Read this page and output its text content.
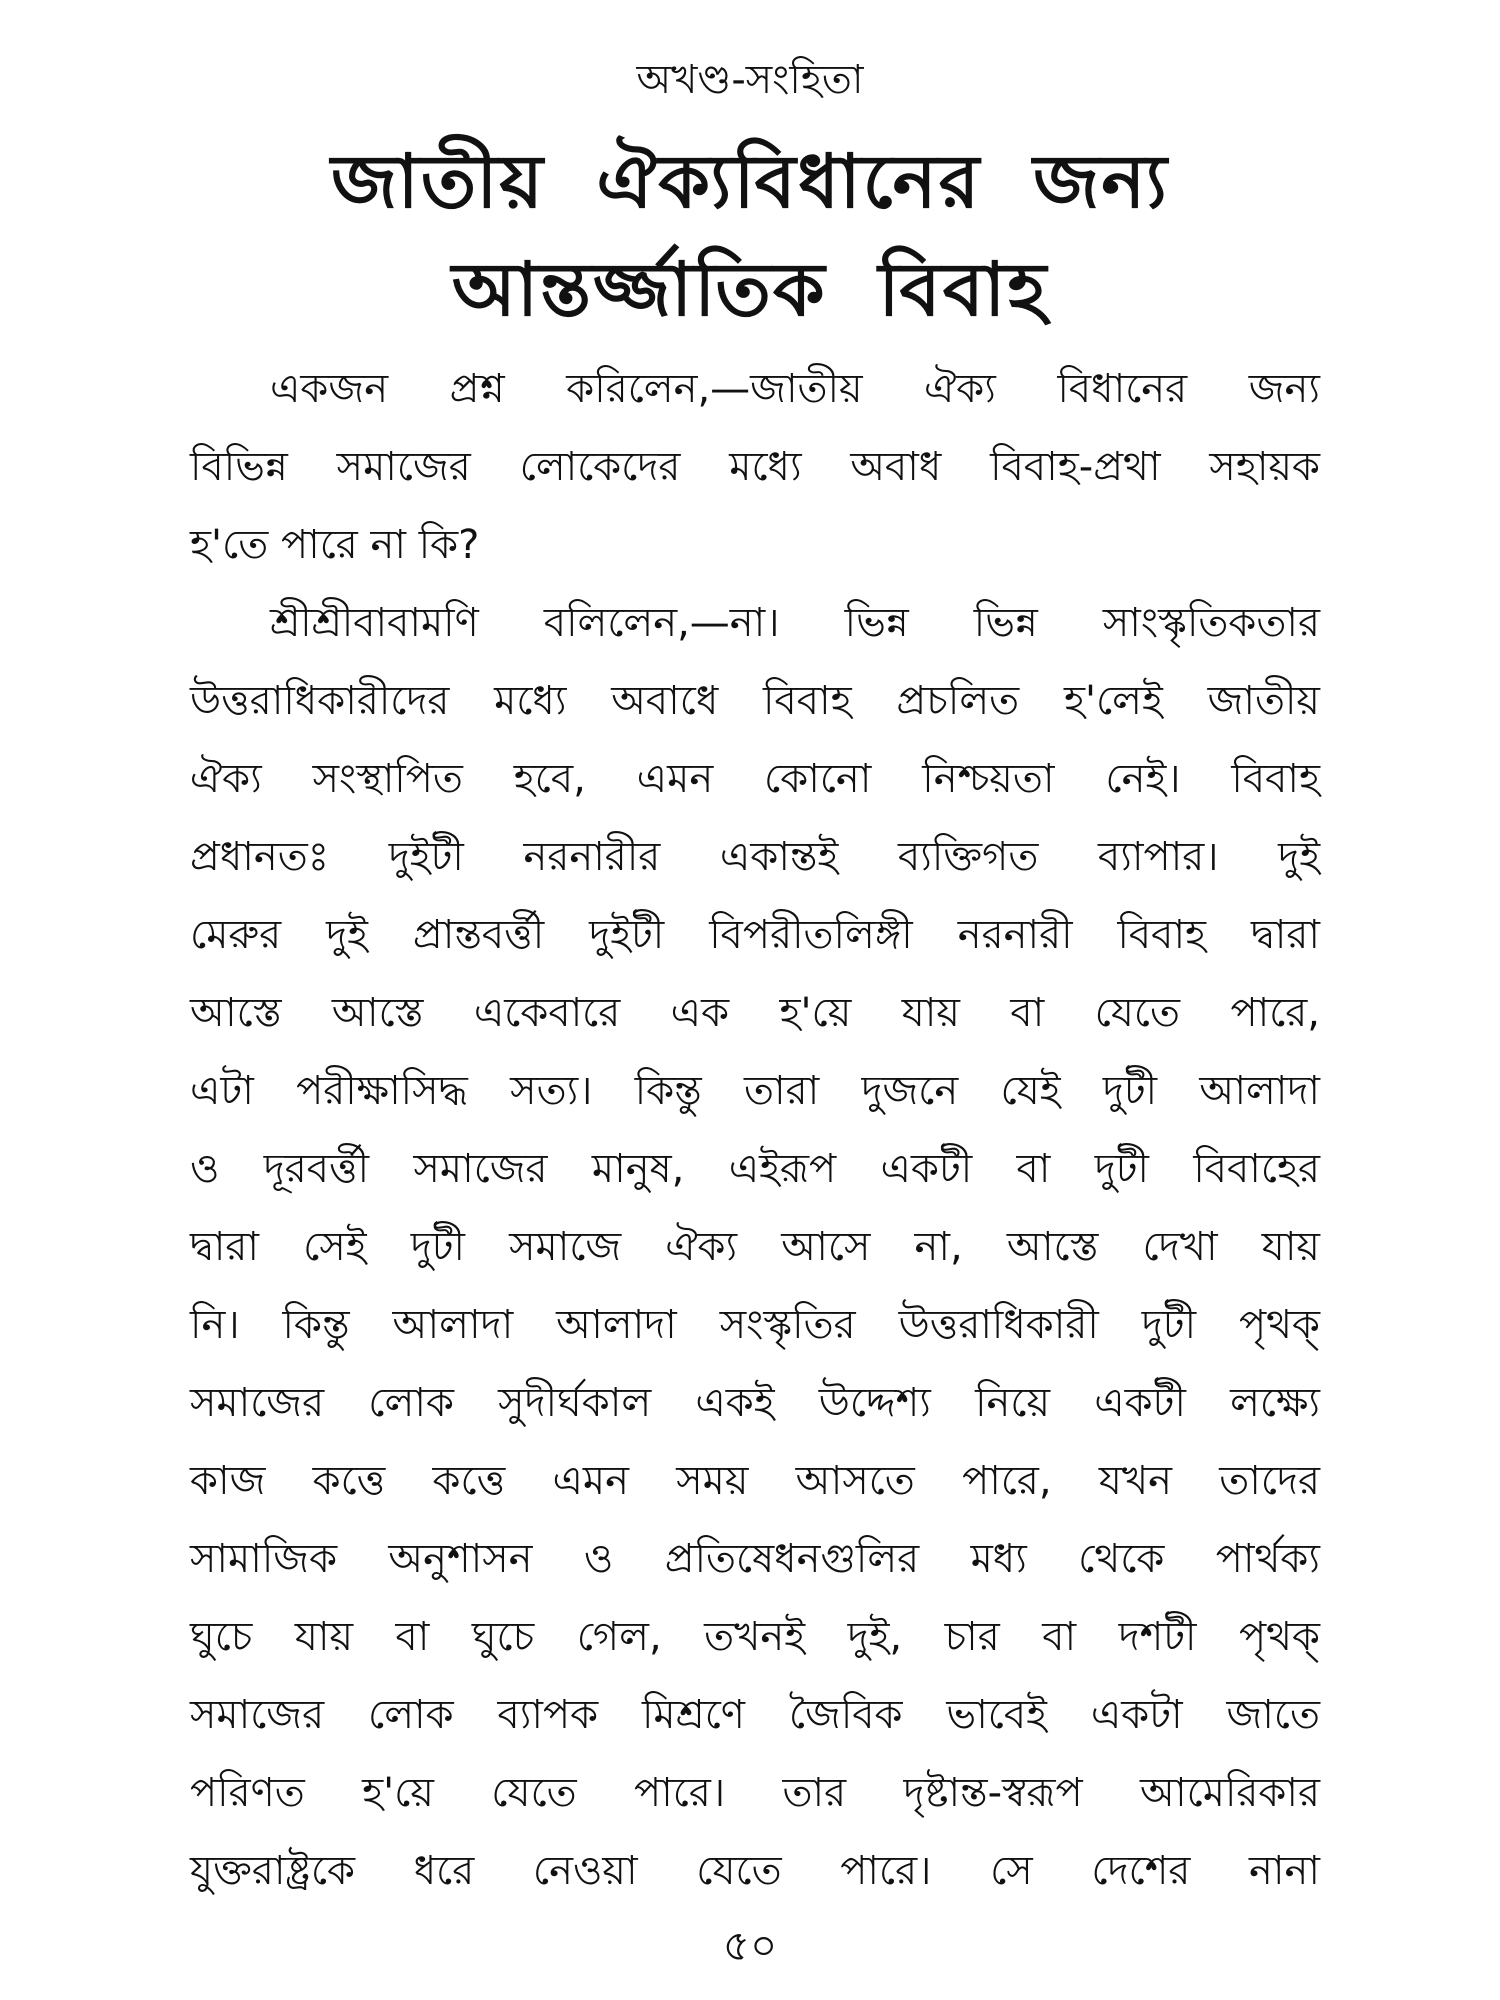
অখণ্ড-সংহিতা
জাতীয় ঐক্যবিধানের জন্য
আন্তর্জ্জাতিক বিবাহ
একজন প্রশ্ন করিলেন,—জাতীয় ঐক্য বিধানের জন্য
বিভিন্ন সমাজের লোকেদের মধ্যে অবাধ বিবাহ-প্রথা সহায়ক
হ'তে পারে না কি?
শ্রীশ্রীবাবামণি বলিলেন,—না। ভিন্ন ভিন্ন সাংস্কৃতিকতার
উত্তরাধিকারীদের মধ্যে অবাধে বিবাহ প্রচলিত হ'লেই জাতীয়
ঐক্য সংস্থাপিত হবে, এমন কোনো নিশ্চয়তা নেই। বিবাহ
প্রধানতঃ দুইটী নরনারীর একান্তই ব্যক্তিগত ব্যাপার। দুই
মেরুর দুই প্রান্তবর্ত্তী দুইটী বিপরীতলিঙ্গী নরনারী বিবাহ দ্বারা
আস্তে আস্তে একেবারে এক হ'য়ে যায় বা যেতে পারে,
এটা পরীক্ষাসিদ্ধ সত্য। কিন্তু তারা দুজনে যেই দুটী আলাদা
ও দূরবর্ত্তী সমাজের মানুষ, এইরূপ একটী বা দুটী বিবাহের
দ্বারা সেই দুটী সমাজে ঐক্য আসে না, আস্তে দেখা যায়
নি। কিন্তু আলাদা আলাদা সংস্কৃতির উত্তরাধিকারী দুটী পৃথক্
সমাজের লোক সুদীর্ঘকাল একই উদ্দেশ্য নিয়ে একটী লক্ষ্যে
কাজ কত্তে কত্তে এমন সময় আসতে পারে, যখন তাদের
সামাজিক অনুশাসন ও প্রতিষেধনগুলির মধ্য থেকে পার্থক্য
ঘুচে যায় বা ঘুচে গেল, তখনই দুই, চার বা দশটী পৃথক্
সমাজের লোক ব্যাপক মিশ্রণে জৈবিক ভাবেই একটা জাতে
পরিণত হ'য়ে যেতে পারে। তার দৃষ্টান্ত-স্বরূপ আমেরিকার
যুক্তরাষ্ট্রকে ধরে নেওয়া যেতে পারে। সে দেশের নানা
৫০
